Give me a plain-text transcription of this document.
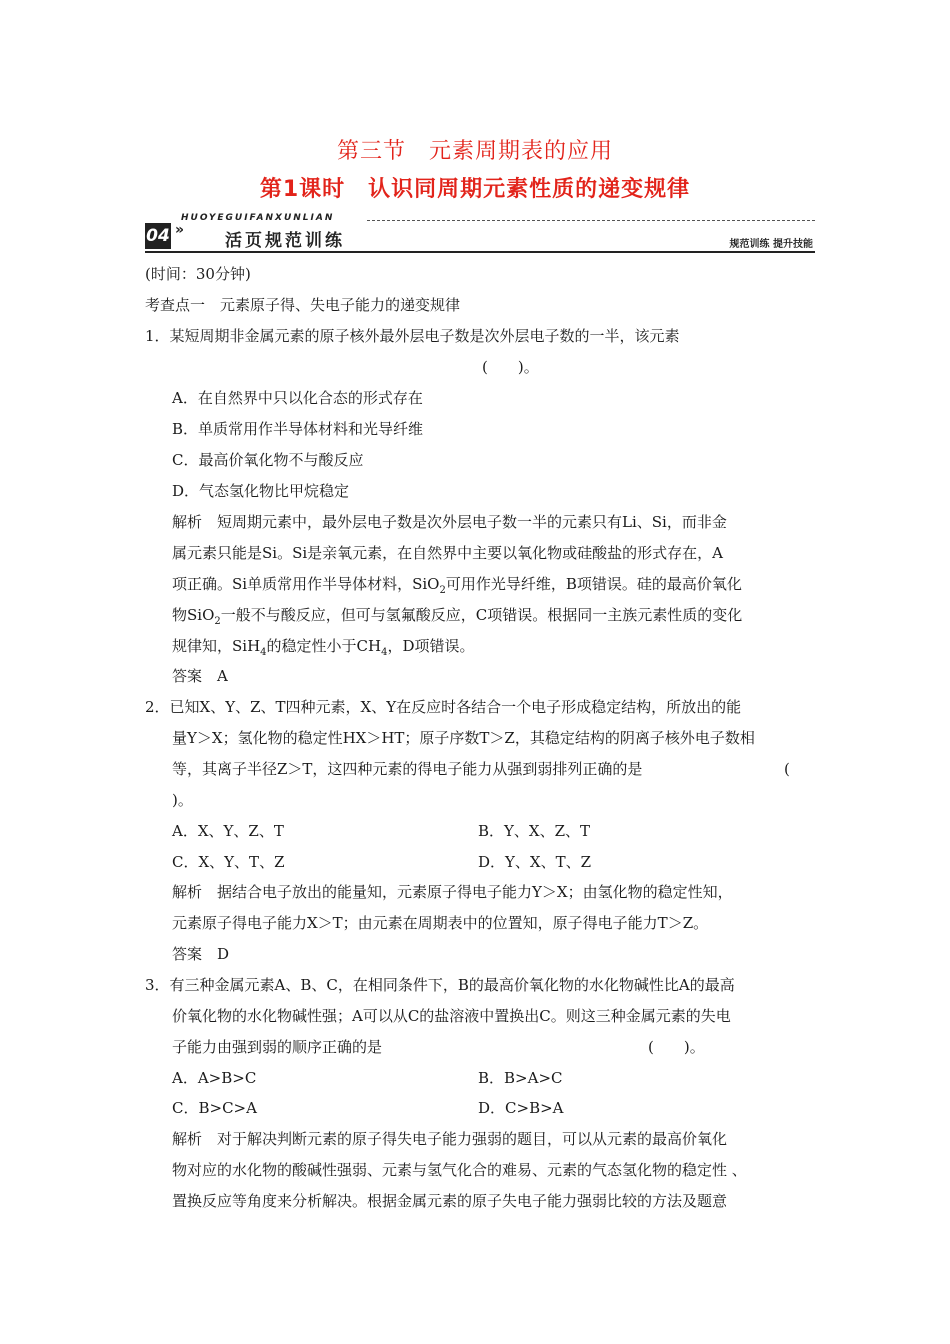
第三节　元素周期表的应用
第1课时　认识同周期元素性质的递变规律
HUOYEGUIFANXUNLIAN
04 »
活页规范训练	规范训练 提升技能
(时间：30分钟)
考查点一　元素原子得、失电子能力的递变规律
1．某短周期非金属元素的原子核外最外层电子数是次外层电子数的一半，该元素
(　　)。
A．在自然界中只以化合态的形式存在
B．单质常用作半导体材料和光导纤维
C．最高价氧化物不与酸反应
D．气态氢化物比甲烷稳定
解析　短周期元素中，最外层电子数是次外层电子数一半的元素只有Li、Si，而非金
属元素只能是Si。Si是亲氧元素，在自然界中主要以氧化物或硅酸盐的形式存在，A
项正确。Si单质常用作半导体材料，SiO$_2$可用作光导纤维，B项错误。硅的最高价氧化
物SiO$_2$一般不与酸反应，但可与氢氟酸反应，C项错误。根据同一主族元素性质的变化
规律知，SiH$_4$的稳定性小于$CH_4$，D项错误。
答案　A
2．已知X、Y、Z、T四种元素，X、Y在反应时各结合一个电子形成稳定结构，所放出的能
量Y＞X；氢化物的稳定性HX＞HT；原子序数T＞Z，其稳定结构的阴离子核外电子数相
等，其离子半径Z＞T，这四种元素的得电子能力从强到弱排列正确的是	(
)。
A．X、Y、Z、T	B．Y、X、Z、T
C．X、Y、T、Z	D．Y、X、T、Z
解析　据结合电子放出的能量知，元素原子得电子能力Y＞X；由氢化物的稳定性知，
元素原子得电子能力X＞T；由元素在周期表中的位置知，原子得电子能力T＞Z。
答案　D
3．有三种金属元素A、B、C，在相同条件下，B的最高价氧化物的水化物碱性比A的最高
价氧化物的水化物碱性强；A可以从C的盐溶液中置换出C。则这三种金属元素的失电
子能力由强到弱的顺序正确的是	(　　)。
A．A>B>C	B．B>A>C
C．B>C>A	D．C>B>A
解析　对于解决判断元素的原子得失电子能力强弱的题目，可以从元素的最高价氧化
物对应的水化物的酸碱性强弱、元素与氢气化合的难易、元素的气态氢化物的稳定性 、
置换反应等角度来分析解决。根据金属元素的原子失电子能力强弱比较的方法及题意
